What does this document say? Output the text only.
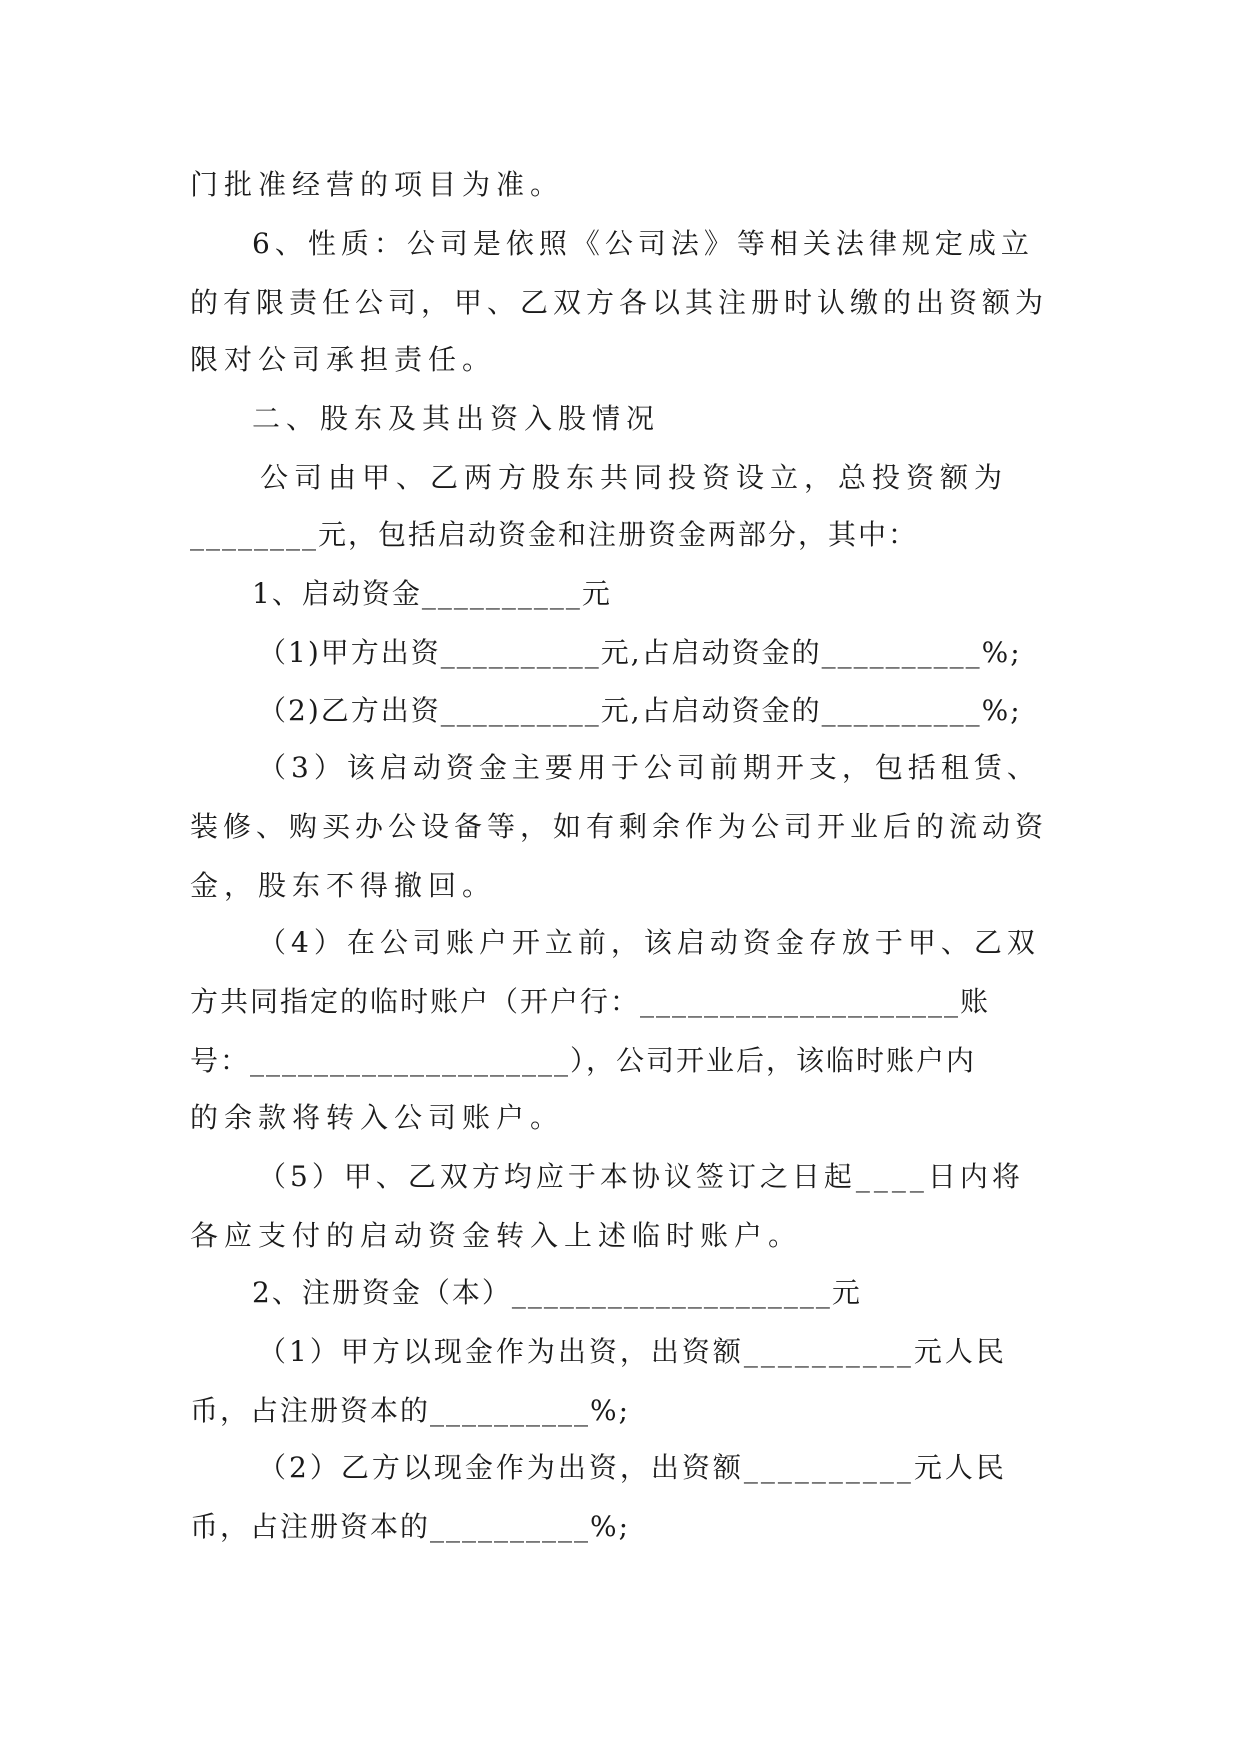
门批准经营的项目为准。
6、性质：公司是依照《公司法》等相关法律规定成立
的有限责任公司，甲、乙双方各以其注册时认缴的出资额为
限对公司承担责任。
二、股东及其出资入股情况
公司由甲、乙两方股东共同投资设立，总投资额为
________元，包括启动资金和注册资金两部分，其中：
1、启动资金__________元
（1)甲方出资__________元,占启动资金的__________%;
（2)乙方出资__________元,占启动资金的__________%;
（3）该启动资金主要用于公司前期开支，包括租赁、
装修、购买办公设备等，如有剩余作为公司开业后的流动资
金，股东不得撤回。
（4）在公司账户开立前，该启动资金存放于甲、乙双
方共同指定的临时账户（开户行：____________________账
号：____________________），公司开业后，该临时账户内
的余款将转入公司账户。
（5）甲、乙双方均应于本协议签订之日起____日内将
各应支付的启动资金转入上述临时账户。
2、注册资金（本）____________________元
（1）甲方以现金作为出资，出资额__________元人民
币，占注册资本的__________%;
（2）乙方以现金作为出资，出资额__________元人民
币，占注册资本的__________%;
